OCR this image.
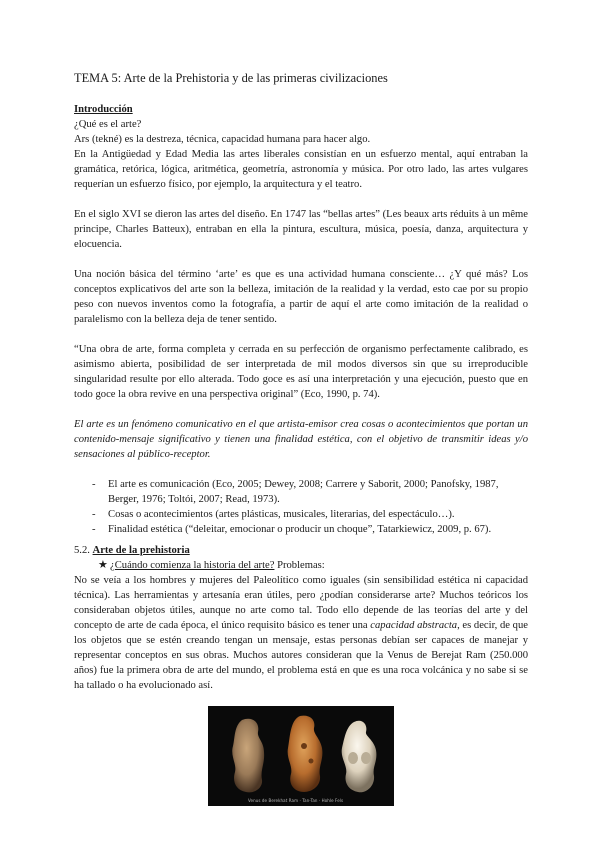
TEMA 5: Arte de la Prehistoria y de las primeras civilizaciones
Introducción

¿Qué es el arte?

Ars (tekné) es la destreza, técnica, capacidad humana para hacer algo.

En la Antigüedad y Edad Media las artes liberales consistían en un esfuerzo mental, aquí entraban la gramática, retórica, lógica, aritmética, geometría, astronomía y música. Por otro lado, las artes vulgares requerían un esfuerzo físico, por ejemplo, la arquitectura y el teatro.

En el siglo XVI se dieron las artes del diseño. En 1747 las “bellas artes” (Les beaux arts réduits à un même principe, Charles Batteux), entraban en ella la pintura, escultura, música, poesía, danza, arquitectura y elocuencia.

Una noción básica del término ‘arte’ es que es una actividad humana consciente… ¿Y qué más? Los conceptos explicativos del arte son la belleza, imitación de la realidad y la verdad, esto cae por su propio peso con nuevos inventos como la fotografía, a partir de aquí el arte como imitación de la realidad o paralelismo con la belleza deja de tener sentido.

“Una obra de arte, forma completa y cerrada en su perfección de organismo perfectamente calibrado, es asimismo abierta, posibilidad de ser interpretada de mil modos diversos sin que su irreproducible singularidad resulte por ello alterada. Todo goce es así una interpretación y una ejecución, puesto que en todo goce la obra revive en una perspectiva original” (Eco, 1990, p. 74).

El arte es un fenómeno comunicativo en el que artista-emisor crea cosas o acontecimientos que portan un contenido-mensaje significativo y tienen una finalidad estética, con el objetivo de transmitir ideas y/o sensaciones al público-receptor.

- El arte es comunicación (Eco, 2005; Dewey, 2008; Carrere y Saborit, 2000; Panofsky, 1987, Berger, 1976; Toltói, 2007; Read, 1973).
- Cosas o acontecimientos (artes plásticas, musicales, literarias, del espectáculo…).
- Finalidad estética (“deleitar, emocionar o producir un choque”, Tatarkiewicz, 2009, p. 67).
5.2. Arte de la prehistoria
★ ¿Cuándo comienza la historia del arte? Problemas:

No se veía a los hombres y mujeres del Paleolítico como iguales (sin sensibilidad estética ni capacidad técnica). Las herramientas y artesanía eran útiles, pero ¿podían considerarse arte? Muchos teóricos los consideraban objetos útiles, aunque no arte como tal. Todo ello depende de las teorías del arte y del concepto de arte de cada época, el único requisito básico es tener una capacidad abstracta, es decir, de que los objetos que se estén creando tengan un mensaje, estas personas debían ser capaces de manejar y representar conceptos en sus obras. Muchos autores consideran que la Venus de Berejat Ram (250.000 años) fue la primera obra de arte del mundo, el problema está en que es una roca volcánica y no sabe si se ha tallado o ha evolucionado así.

Venus de Berekhat Ram · Tan-Tan · Hohle Fels
